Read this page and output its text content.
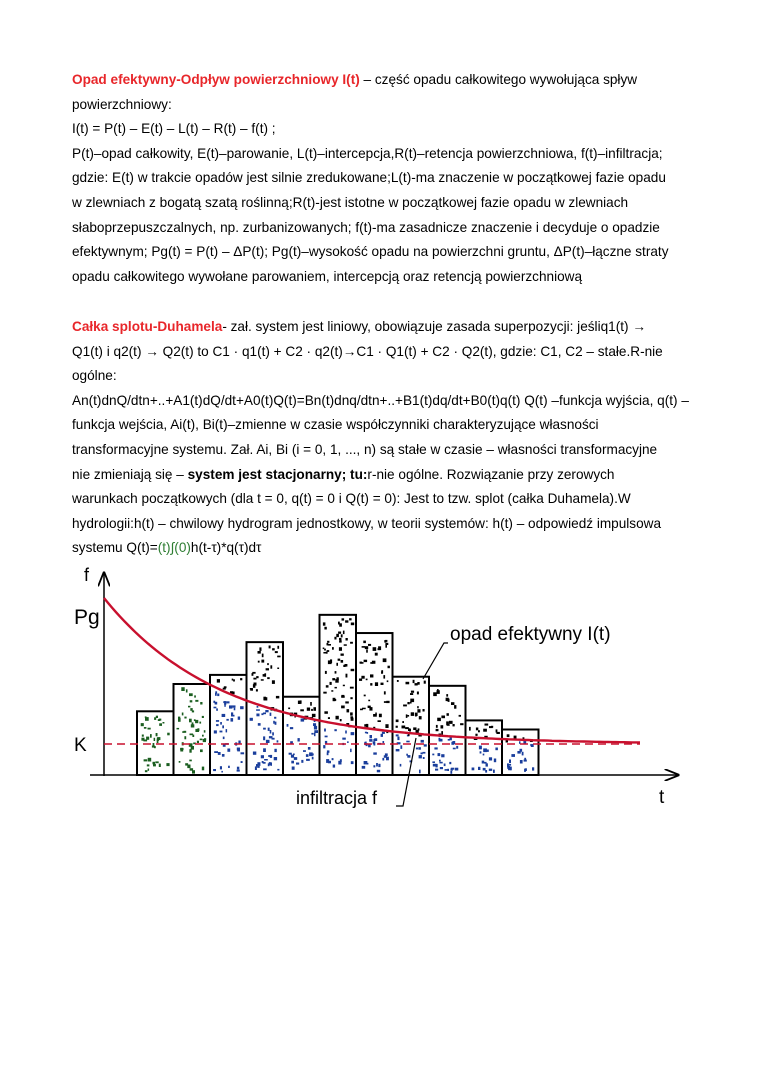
Opad efektywny-Odpływ powierzchniowy I(t) – część opadu całkowitego wywołująca spływ powierzchniowy:
I(t) = P(t) – E(t) – L(t) – R(t) – f(t) ;
P(t)–opad całkowity, E(t)–parowanie, L(t)–intercepcja,R(t)–retencja powierzchniowa, f(t)–infiltracja;
gdzie: E(t) w trakcie opadów jest silnie zredukowane;L(t)-ma znaczenie w początkowej fazie opadu
w zlewniach z bogatą szatą roślinną;R(t)-jest istotne w początkowej fazie opadu w zlewniach
słaboprzepuszczalnych, np. zurbanizowanych; f(t)-ma zasadnicze znaczenie i decyduje o opadzie
efektywnym; Pg(t) = P(t) – ΔP(t); Pg(t)–wysokość opadu na powierzchni gruntu, ΔP(t)–łączne straty
opadu całkowitego wywołane parowaniem, intercepcją oraz retencją powierzchniową
Całka splotu-Duhamela- zał. system jest liniowy, obowiązuje zasada superpozycji: jeśliq1(t) →
Q1(t) i q2(t) → Q2(t) to C1 · q1(t) + C2 · q2(t)→C1 · Q1(t) + C2 · Q2(t), gdzie: C1, C2 – stałe.R-nie ogólne:
An(t)dnQ/dtn+..+A1(t)dQ/dt+A0(t)Q(t)=Bn(t)dnq/dtn+..+B1(t)dq/dt+B0(t)q(t) Q(t) –funkcja wyjścia, q(t) –
funkcja wejścia, Ai(t), Bi(t)–zmienne w czasie współczynniki charakteryzujące własności
transformacyjne systemu. Zał. Ai, Bi (i = 0, 1, ..., n) są stałe w czasie – własności transformacyjne
nie zmieniają się – system jest stacjonarny; tu:r-nie ogólne. Rozwiązanie przy zerowych
warunkach początkowych (dla t = 0, q(t) = 0 i Q(t) = 0): Jest to tzw. splot (całka Duhamela).W
hydrologii:h(t) – chwilowy hydrogram jednostkowy, w teorii systemów: h(t) – odpowiedź impulsowa
systemu Q(t)=(t)∫(0)h(t-τ)*q(τ)dτ
f
Pg
K
t
opad efektywny I(t)
infiltracja f
